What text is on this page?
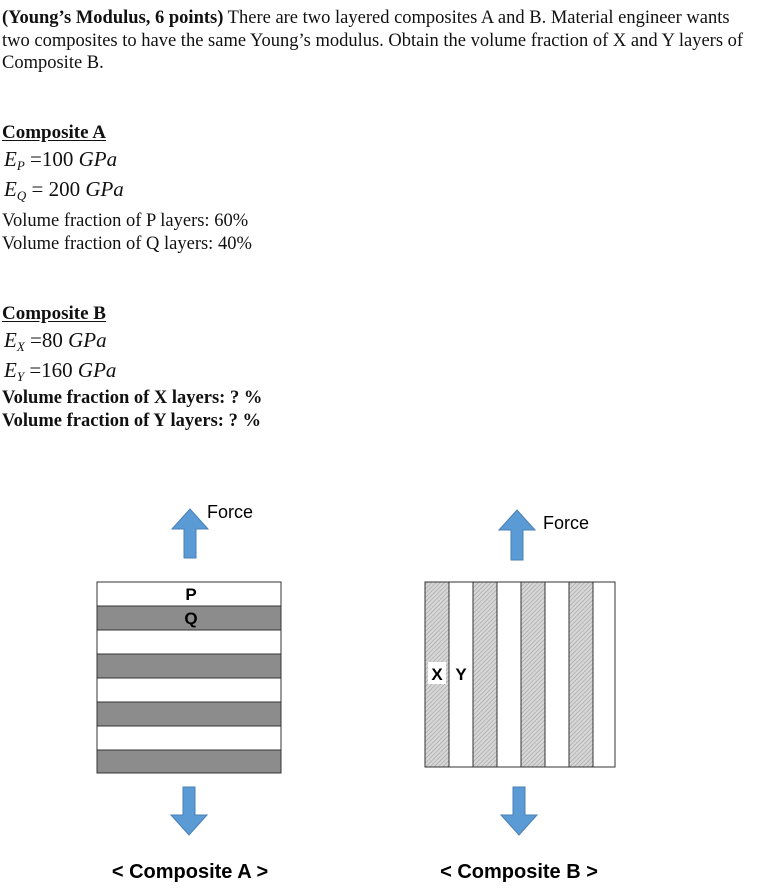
(Young’s Modulus, 6 points) There are two layered composites A and B. Material engineer wants two composites to have the same Young’s modulus. Obtain the volume fraction of X and Y layers of Composite B.
Composite A
$E_P =100$ GPa
$E_Q = 200$ GPa
Volume fraction of P layers: 60%
Volume fraction of Q layers: 40%
Composite B
$E_X =80$ GPa
$E_Y =160$ GPa
Volume fraction of X layers: ? %
Volume fraction of Y layers: ? %
Force
P
Q
< Composite A >
Force
X Y
< Composite B >
